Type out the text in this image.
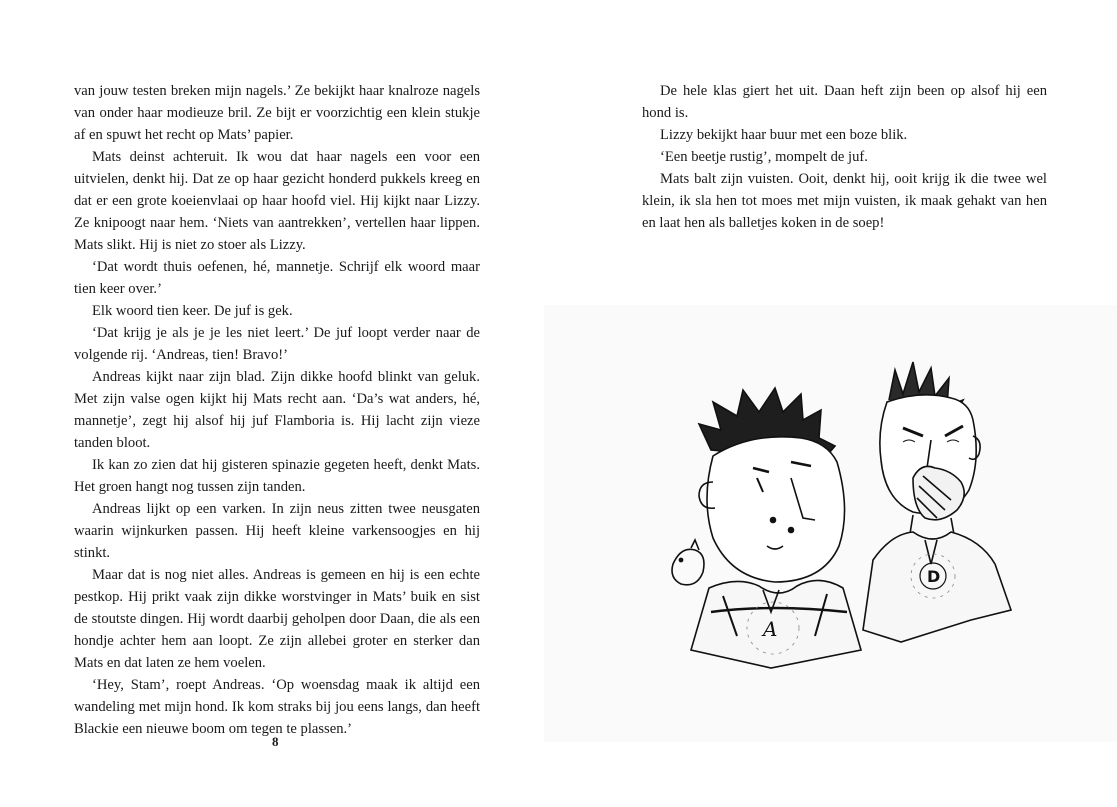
van jouw testen breken mijn nagels.’ Ze bekijkt haar knalroze nagels van onder haar modieuze bril. Ze bijt er voorzichtig een klein stukje af en spuwt het recht op Mats’ papier.

Mats deinst achteruit. Ik wou dat haar nagels een voor een uitvielen, denkt hij. Dat ze op haar gezicht honderd pukkels kreeg en dat er een grote koeienvlaai op haar hoofd viel. Hij kijkt naar Lizzy. Ze knipoogt naar hem. ‘Niets van aantrekken’, vertellen haar lippen. Mats slikt. Hij is niet zo stoer als Lizzy.

‘Dat wordt thuis oefenen, hé, mannetje. Schrijf elk woord maar tien keer over.’

Elk woord tien keer. De juf is gek.

‘Dat krijg je als je je les niet leert.’ De juf loopt verder naar de volgende rij. ‘Andreas, tien! Bravo!’

Andreas kijkt naar zijn blad. Zijn dikke hoofd blinkt van geluk. Met zijn valse ogen kijkt hij Mats recht aan. ‘Da’s wat anders, hé, mannetje’, zegt hij alsof hij juf Flamboria is. Hij lacht zijn vieze tanden bloot.

Ik kan zo zien dat hij gisteren spinazie gegeten heeft, denkt Mats. Het groen hangt nog tussen zijn tanden.

Andreas lijkt op een varken. In zijn neus zitten twee neusgaten waarin wijnkurken passen. Hij heeft kleine varkensoogjes en hij stinkt.

Maar dat is nog niet alles. Andreas is gemeen en hij is een echte pestkop. Hij prikt vaak zijn dikke worstvinger in Mats’ buik en sist de stoutste dingen. Hij wordt daarbij geholpen door Daan, die als een hondje achter hem aan loopt. Ze zijn allebei groter en sterker dan Mats en dat laten ze hem voelen.

‘Hey, Stam’, roept Andreas. ‘Op woensdag maak ik altijd een wandeling met mijn hond. Ik kom straks bij jou eens langs, dan heeft Blackie een nieuwe boom om tegen te plassen.’

8

De hele klas giert het uit. Daan heft zijn been op alsof hij een hond is.

Lizzy bekijkt haar buur met een boze blik.

‘Een beetje rustig’, mompelt de juf.

Mats balt zijn vuisten. Ooit, denkt hij, ooit krijg ik die twee wel klein, ik sla hen tot moes met mijn vuisten, ik maak gehakt van hen en laat hen als balletjes koken in de soep!

D
A
